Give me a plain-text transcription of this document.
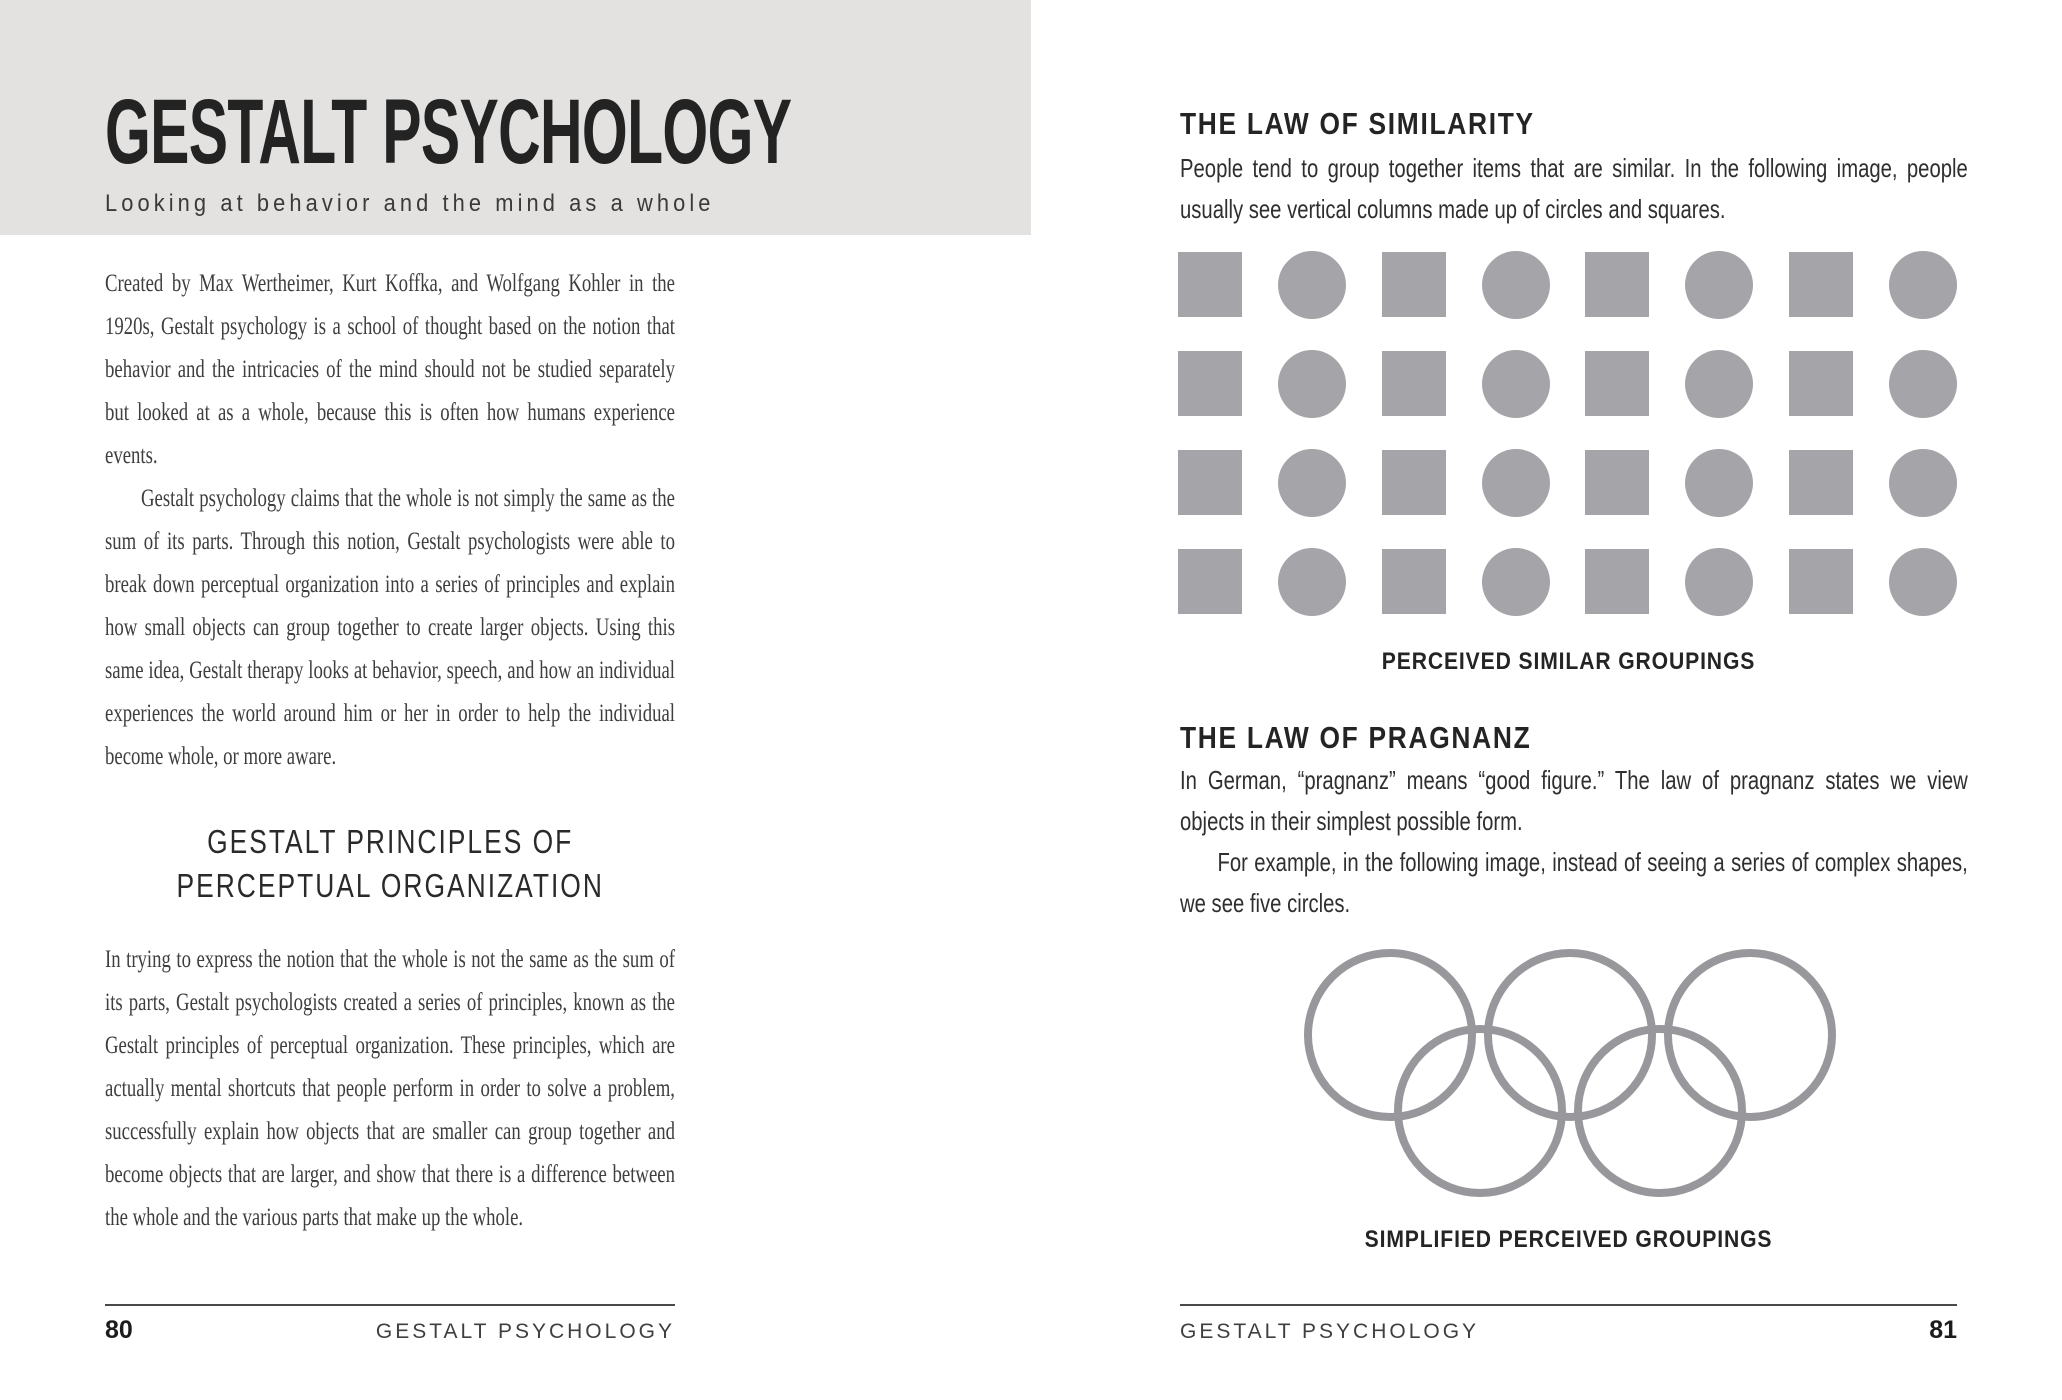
GESTALT PSYCHOLOGY
Looking at behavior and the mind as a whole

Created by Max Wertheimer, Kurt Koffka, and Wolfgang Kohler in the 1920s, Gestalt psychology is a school of thought based on the notion that behavior and the intricacies of the mind should not be studied separately but looked at as a whole, because this is often how humans experience events.

Gestalt psychology claims that the whole is not simply the same as the sum of its parts. Through this notion, Gestalt psychologists were able to break down perceptual organization into a series of principles and explain how small objects can group together to create larger objects. Using this same idea, Gestalt therapy looks at behavior, speech, and how an individual experiences the world around him or her in order to help the individual become whole, or more aware.

GESTALT PRINCIPLES OF PERCEPTUAL ORGANIZATION

In trying to express the notion that the whole is not the same as the sum of its parts, Gestalt psychologists created a series of principles, known as the Gestalt principles of perceptual organization. These principles, which are actually mental shortcuts that people perform in order to solve a problem, successfully explain how objects that are smaller can group together and become objects that are larger, and show that there is a difference between the whole and the various parts that make up the whole.

80	GESTALT PSYCHOLOGY
THE LAW OF SIMILARITY

People tend to group together items that are similar. In the following image, people usually see vertical columns made up of circles and squares.

PERCEIVED SIMILAR GROUPINGS
THE LAW OF PRAGNANZ

In German, “pragnanz” means “good figure.” The law of pragnanz states we view objects in their simplest possible form.

For example, in the following image, instead of seeing a series of complex shapes, we see five circles.

SIMPLIFIED PERCEIVED GROUPINGS
GESTALT PSYCHOLOGY	81
